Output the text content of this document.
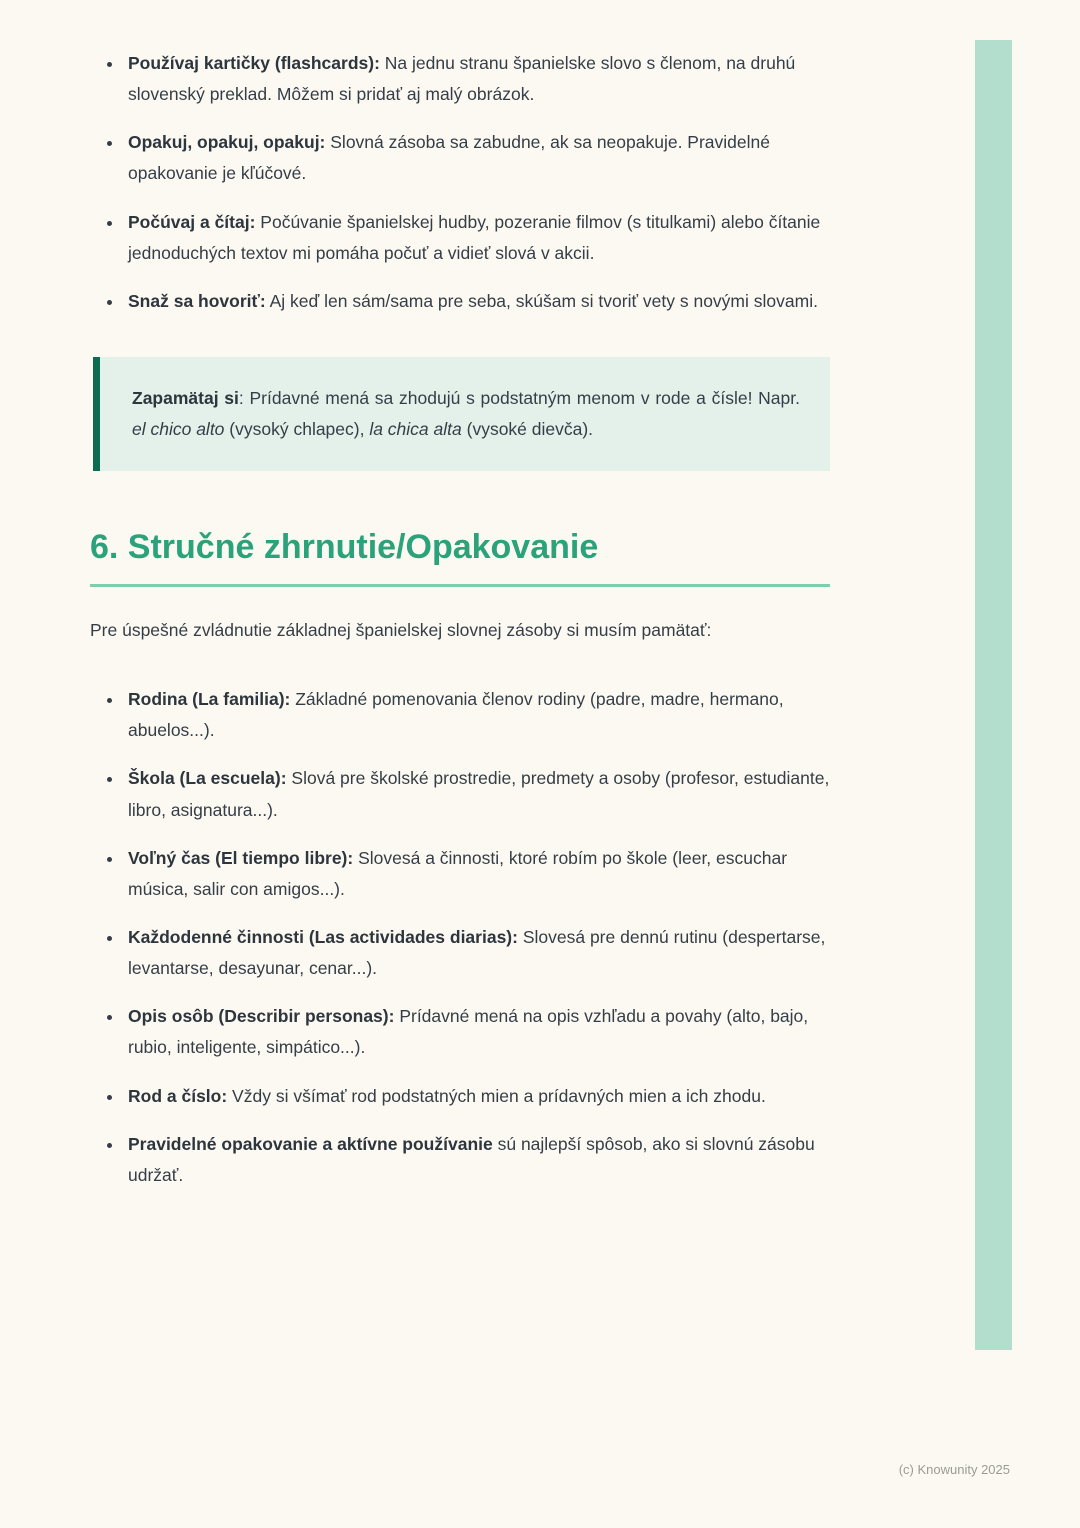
• Používaj kartičky (flashcards): Na jednu stranu španielske slovo s členom, na druhú slovenský preklad. Môžem si pridať aj malý obrázok.
• Opakuj, opakuj, opakuj: Slovná zásoba sa zabudne, ak sa neopakuje. Pravidelné opakovanie je kľúčové.
• Počúvaj a čítaj: Počúvanie španielskej hudby, pozeranie filmov (s titulkami) alebo čítanie jednoduchých textov mi pomáha počuť a vidieť slová v akcii.
• Snaž sa hovoriť: Aj keď len sám/sama pre seba, skúšam si tvoriť vety s novými slovami.

Zapamätaj si: Prídavné mená sa zhodujú s podstatným menom v rode a čísle! Napr. el chico alto (vysoký chlapec), la chica alta (vysoké dievča).

6. Stručné zhrnutie/Opakovanie

Pre úspešné zvládnutie základnej španielskej slovnej zásoby si musím pamätať:

• Rodina (La familia): Základné pomenovania členov rodiny (padre, madre, hermano, abuelos...).
• Škola (La escuela): Slová pre školské prostredie, predmety a osoby (profesor, estudiante, libro, asignatura...).
• Voľný čas (El tiempo libre): Slovesá a činnosti, ktoré robím po škole (leer, escuchar música, salir con amigos...).
• Každodenné činnosti (Las actividades diarias): Slovesá pre dennú rutinu (despertarse, levantarse, desayunar, cenar...).
• Opis osôb (Describir personas): Prídavné mená na opis vzhľadu a povahy (alto, bajo, rubio, inteligente, simpático...).
• Rod a číslo: Vždy si všímať rod podstatných mien a prídavných mien a ich zhodu.
• Pravidelné opakovanie a aktívne používanie sú najlepší spôsob, ako si slovnú zásobu udržať.
(c) Knowunity 2025
